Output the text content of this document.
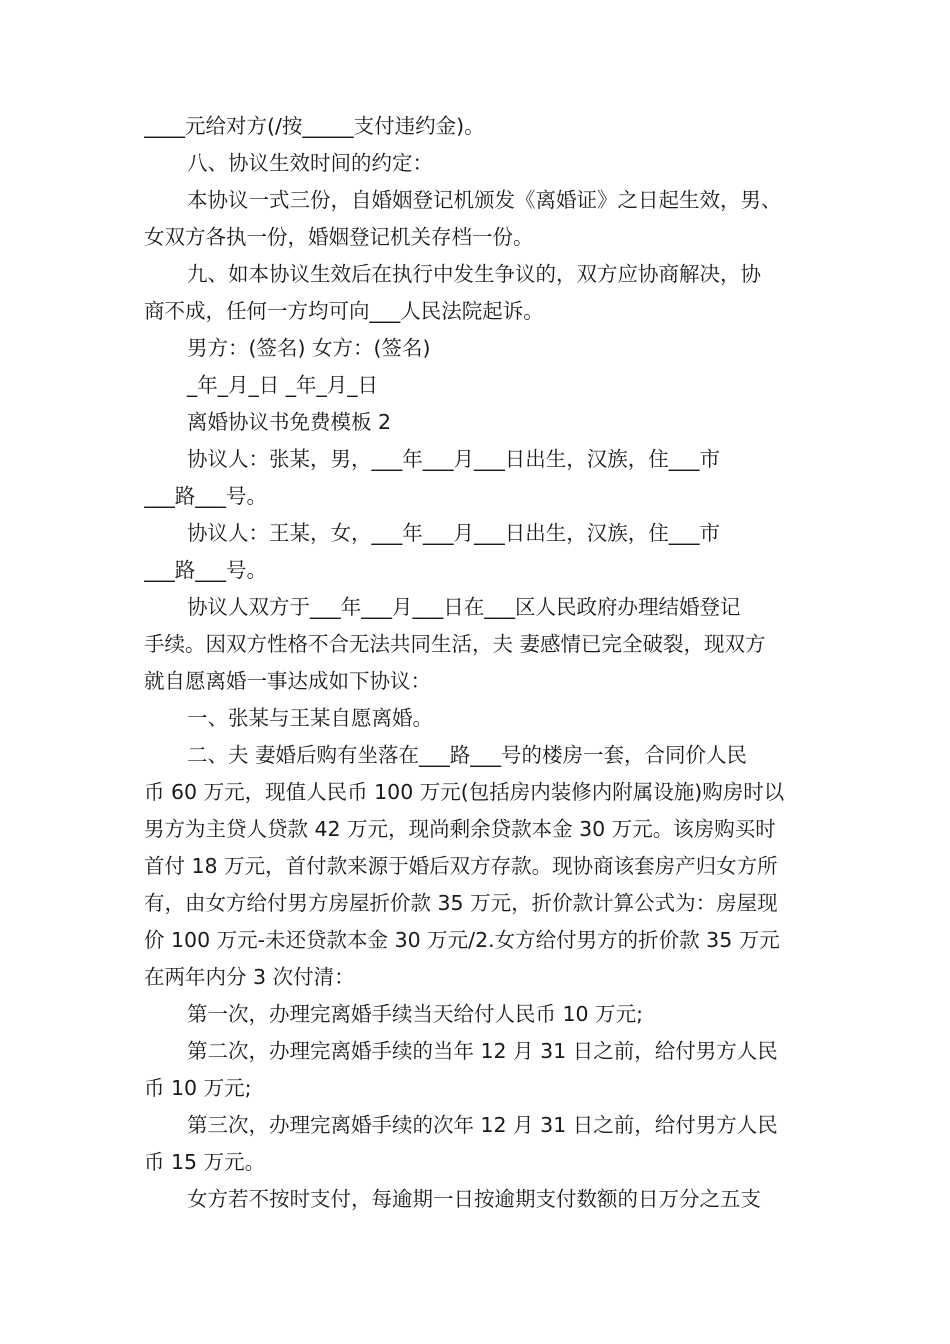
____元给对方(/按_____支付违约金)。
八、协议生效时间的约定：
本协议一式三份，自婚姻登记机颁发《离婚证》之日起生效，男、
女双方各执一份，婚姻登记机关存档一份。
九、如本协议生效后在执行中发生争议的，双方应协商解决，协
商不成，任何一方均可向___人民法院起诉。
男方：(签名) 女方：(签名)
_年_月_日 _年_月_日
离婚协议书免费模板 2
协议人：张某，男，___年___月___日出生，汉族，住___市
___路___号。
协议人：王某，女，___年___月___日出生，汉族，住___市
___路___号。
协议人双方于___年___月___日在___区人民政府办理结婚登记
手续。因双方性格不合无法共同生活，夫 妻感情已完全破裂，现双方
就自愿离婚一事达成如下协议：
一、张某与王某自愿离婚。
二、夫 妻婚后购有坐落在___路___号的楼房一套，合同价人民
币 60 万元，现值人民币 100 万元(包括房内装修内附属设施)购房时以
男方为主贷人贷款 42 万元，现尚剩余贷款本金 30 万元。该房购买时
首付 18 万元，首付款来源于婚后双方存款。现协商该套房产归女方所
有，由女方给付男方房屋折价款 35 万元，折价款计算公式为：房屋现
价 100 万元-未还贷款本金 30 万元/2.女方给付男方的折价款 35 万元
在两年内分 3 次付清：
第一次，办理完离婚手续当天给付人民币 10 万元;
第二次，办理完离婚手续的当年 12 月 31 日之前，给付男方人民
币 10 万元;
第三次，办理完离婚手续的次年 12 月 31 日之前，给付男方人民
币 15 万元。
女方若不按时支付，每逾期一日按逾期支付数额的日万分之五支
